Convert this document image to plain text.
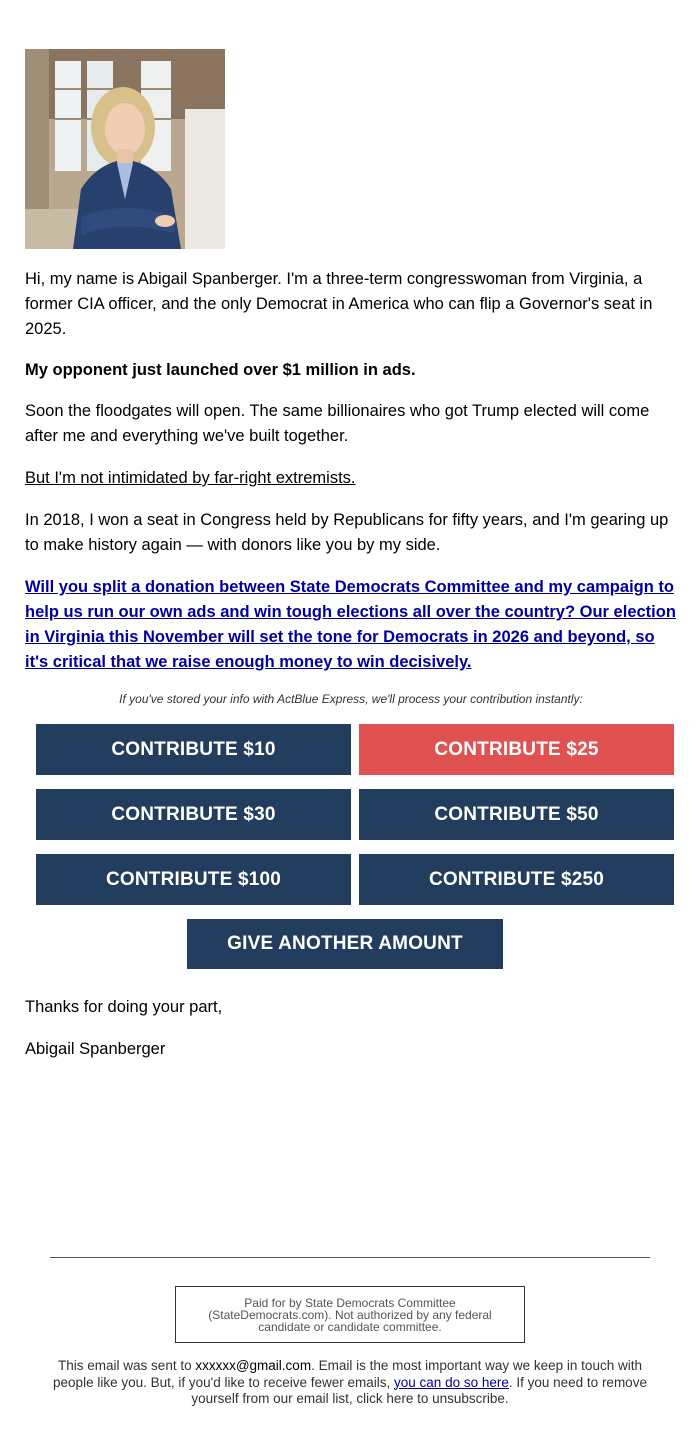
Hi, my name is Abigail Spanberger. I'm a three-term congresswoman from Virginia, a former CIA officer, and the only Democrat in America who can flip a Governor's seat in 2025.

My opponent just launched over $1 million in ads.

Soon the floodgates will open. The same billionaires who got Trump elected will come after me and everything we've built together.

But I'm not intimidated by far-right extremists.

In 2018, I won a seat in Congress held by Republicans for fifty years, and I'm gearing up to make history again — with donors like you by my side.

Will you split a donation between State Democrats Committee and my campaign to help us run our own ads and win tough elections all over the country? Our election in Virginia this November will set the tone for Democrats in 2026 and beyond, so it's critical that we raise enough money to win decisively.

If you've stored your info with ActBlue Express, we'll process your contribution instantly:
CONTRIBUTE $10	CONTRIBUTE $25
CONTRIBUTE $30	CONTRIBUTE $50
CONTRIBUTE $100	CONTRIBUTE $250
GIVE ANOTHER AMOUNT

Thanks for doing your part,

Abigail Spanberger

Paid for by State Democrats Committee (StateDemocrats.com). Not authorized by any federal candidate or candidate committee.
This email was sent to xxxxxx@gmail.com. Email is the most important way we keep in touch with people like you. But, if you'd like to receive fewer emails, you can do so here. If you need to remove yourself from our email list, click here to unsubscribe.
